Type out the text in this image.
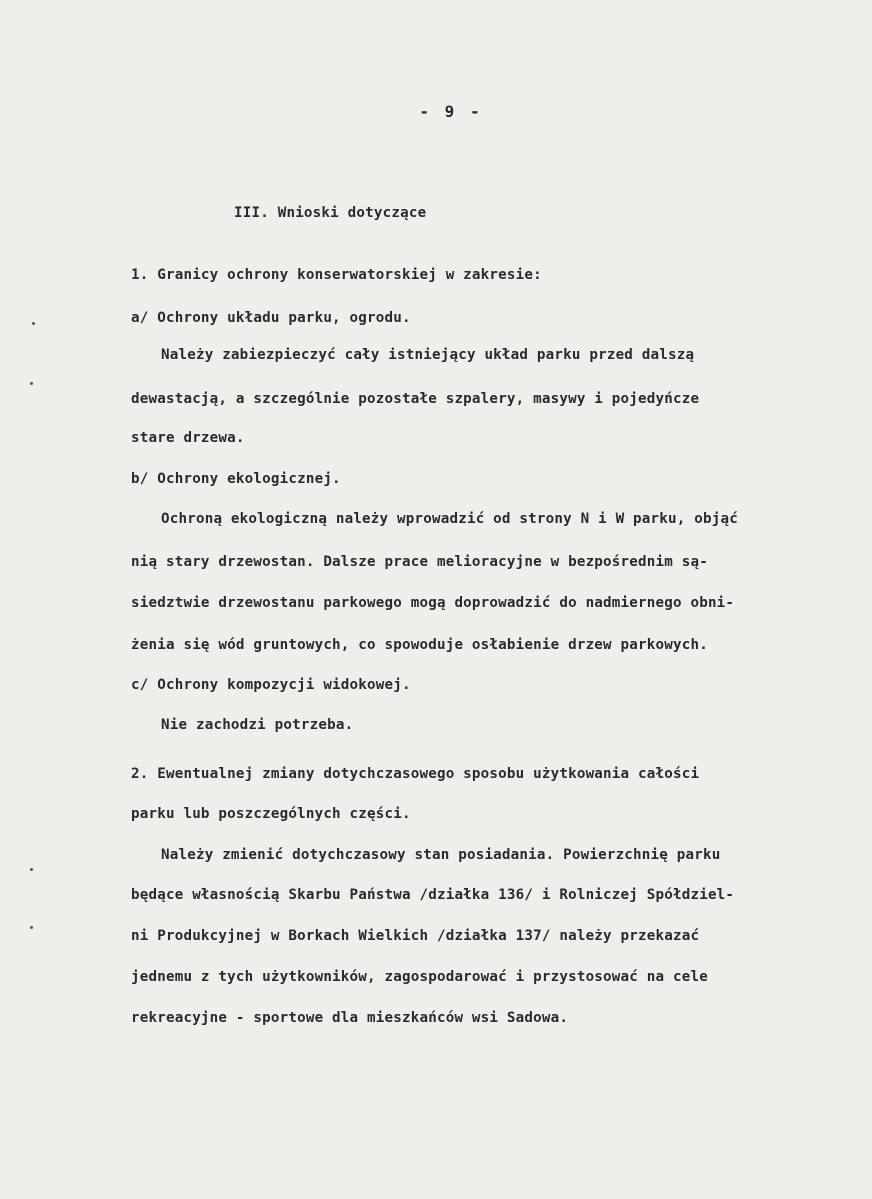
- 9 -
III. Wnioski dotyczące
1. Granicy ochrony konserwatorskiej w zakresie:
a/ Ochrony układu parku, ogrodu.
Należy zabiezpieczyć cały istniejący układ parku przed dalszą
dewastacją, a szczególnie pozostałe szpalery, masywy i pojedyńcze
stare drzewa.
b/ Ochrony ekologicznej.
Ochroną ekologiczną należy wprowadzić od strony N i W parku, objąć
nią stary drzewostan. Dalsze prace melioracyjne w bezpośrednim są-
siedztwie drzewostanu parkowego mogą doprowadzić do nadmiernego obni-
żenia się wód gruntowych, co spowoduje osłabienie drzew parkowych.
c/ Ochrony kompozycji widokowej.
Nie zachodzi potrzeba.
2. Ewentualnej zmiany dotychczasowego sposobu użytkowania całości
parku lub poszczególnych części.
Należy zmienić dotychczasowy stan posiadania. Powierzchnię parku
będące własnością Skarbu Państwa /działka 136/ i Rolniczej Spółdziel-
ni Produkcyjnej w Borkach Wielkich /działka 137/ należy przekazać
jednemu z tych użytkowników, zagospodarować i przystosować na cele
rekreacyjne - sportowe dla mieszkańców wsi Sadowa.
